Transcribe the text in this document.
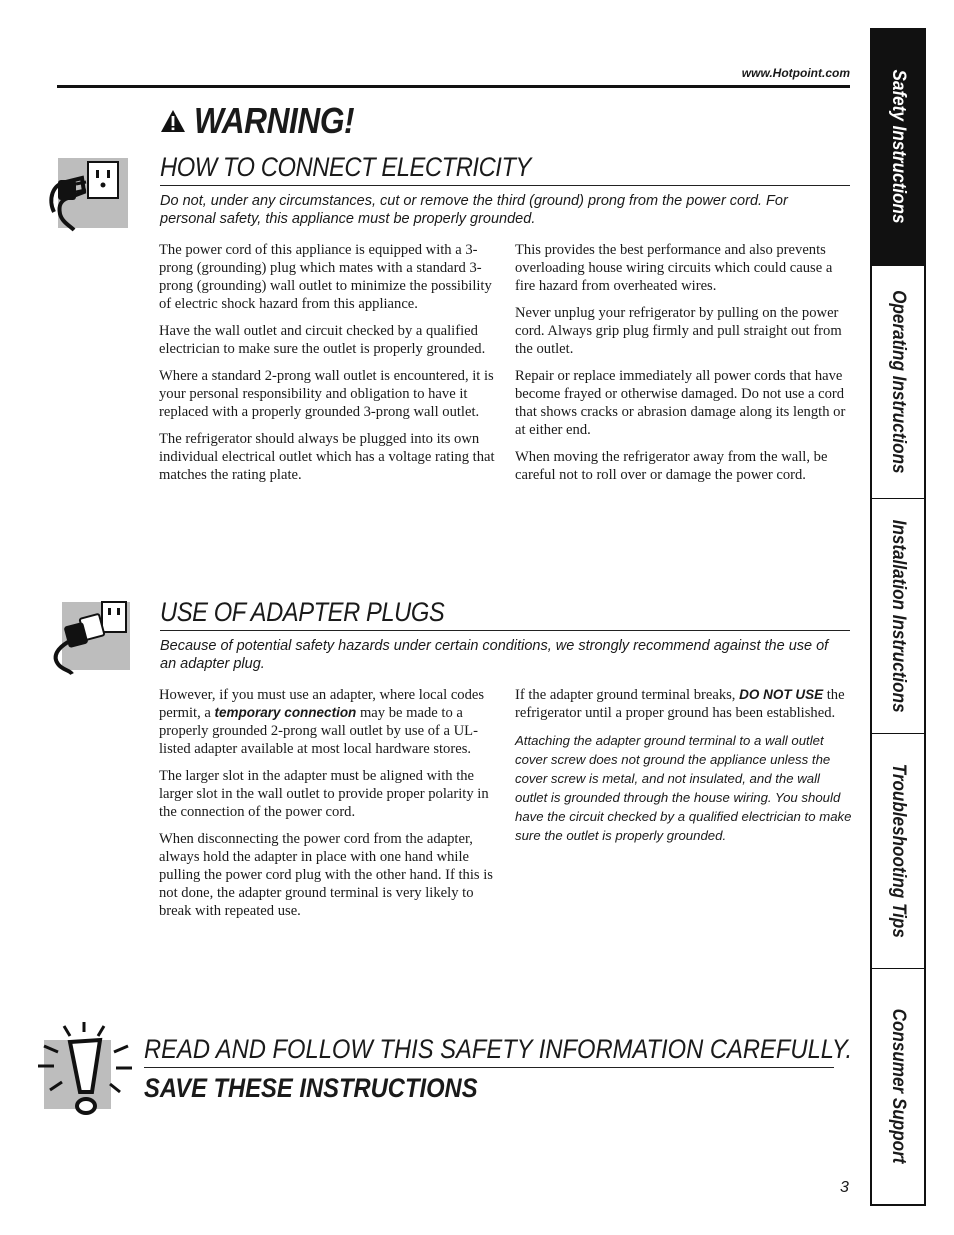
www.Hotpoint.com
WARNING!
HOW TO CONNECT ELECTRICITY
Do not, under any circumstances, cut or remove the third (ground) prong from the power cord. For personal safety, this appliance must be properly grounded.

The power cord of this appliance is equipped with a 3-prong (grounding) plug which mates with a standard 3-prong (grounding) wall outlet to minimize the possibility of electric shock hazard from this appliance.

Have the wall outlet and circuit checked by a qualified electrician to make sure the outlet is properly grounded.

Where a standard 2-prong wall outlet is encountered, it is your personal responsibility and obligation to have it replaced with a properly grounded 3-prong wall outlet.

The refrigerator should always be plugged into its own individual electrical outlet which has a voltage rating that matches the rating plate.

This provides the best performance and also prevents overloading house wiring circuits which could cause a fire hazard from overheated wires.

Never unplug your refrigerator by pulling on the power cord. Always grip plug firmly and pull straight out from the outlet.

Repair or replace immediately all power cords that have become frayed or otherwise damaged. Do not use a cord that shows cracks or abrasion damage along its length or at either end.

When moving the refrigerator away from the wall, be careful not to roll over or damage the power cord.

USE OF ADAPTER PLUGS
Because of potential safety hazards under certain conditions, we strongly recommend against the use of an adapter plug.

However, if you must use an adapter, where local codes permit, a temporary connection may be made to a properly grounded 2-prong wall outlet by use of a UL-listed adapter available at most local hardware stores.

The larger slot in the adapter must be aligned with the larger slot in the wall outlet to provide proper polarity in the connection of the power cord.

When disconnecting the power cord from the adapter, always hold the adapter in place with one hand while pulling the power cord plug with the other hand. If this is not done, the adapter ground terminal is very likely to break with repeated use.

If the adapter ground terminal breaks, DO NOT USE the refrigerator until a proper ground has been established.

Attaching the adapter ground terminal to a wall outlet cover screw does not ground the appliance unless the cover screw is metal, and not insulated, and the wall outlet is grounded through the house wiring. You should have the circuit checked by a qualified electrician to make sure the outlet is properly grounded.

READ AND FOLLOW THIS SAFETY INFORMATION CAREFULLY.
SAVE THESE INSTRUCTIONS
3
Safety Instructions
Operating Instructions
Installation Instructions
Troubleshooting Tips
Consumer Support
